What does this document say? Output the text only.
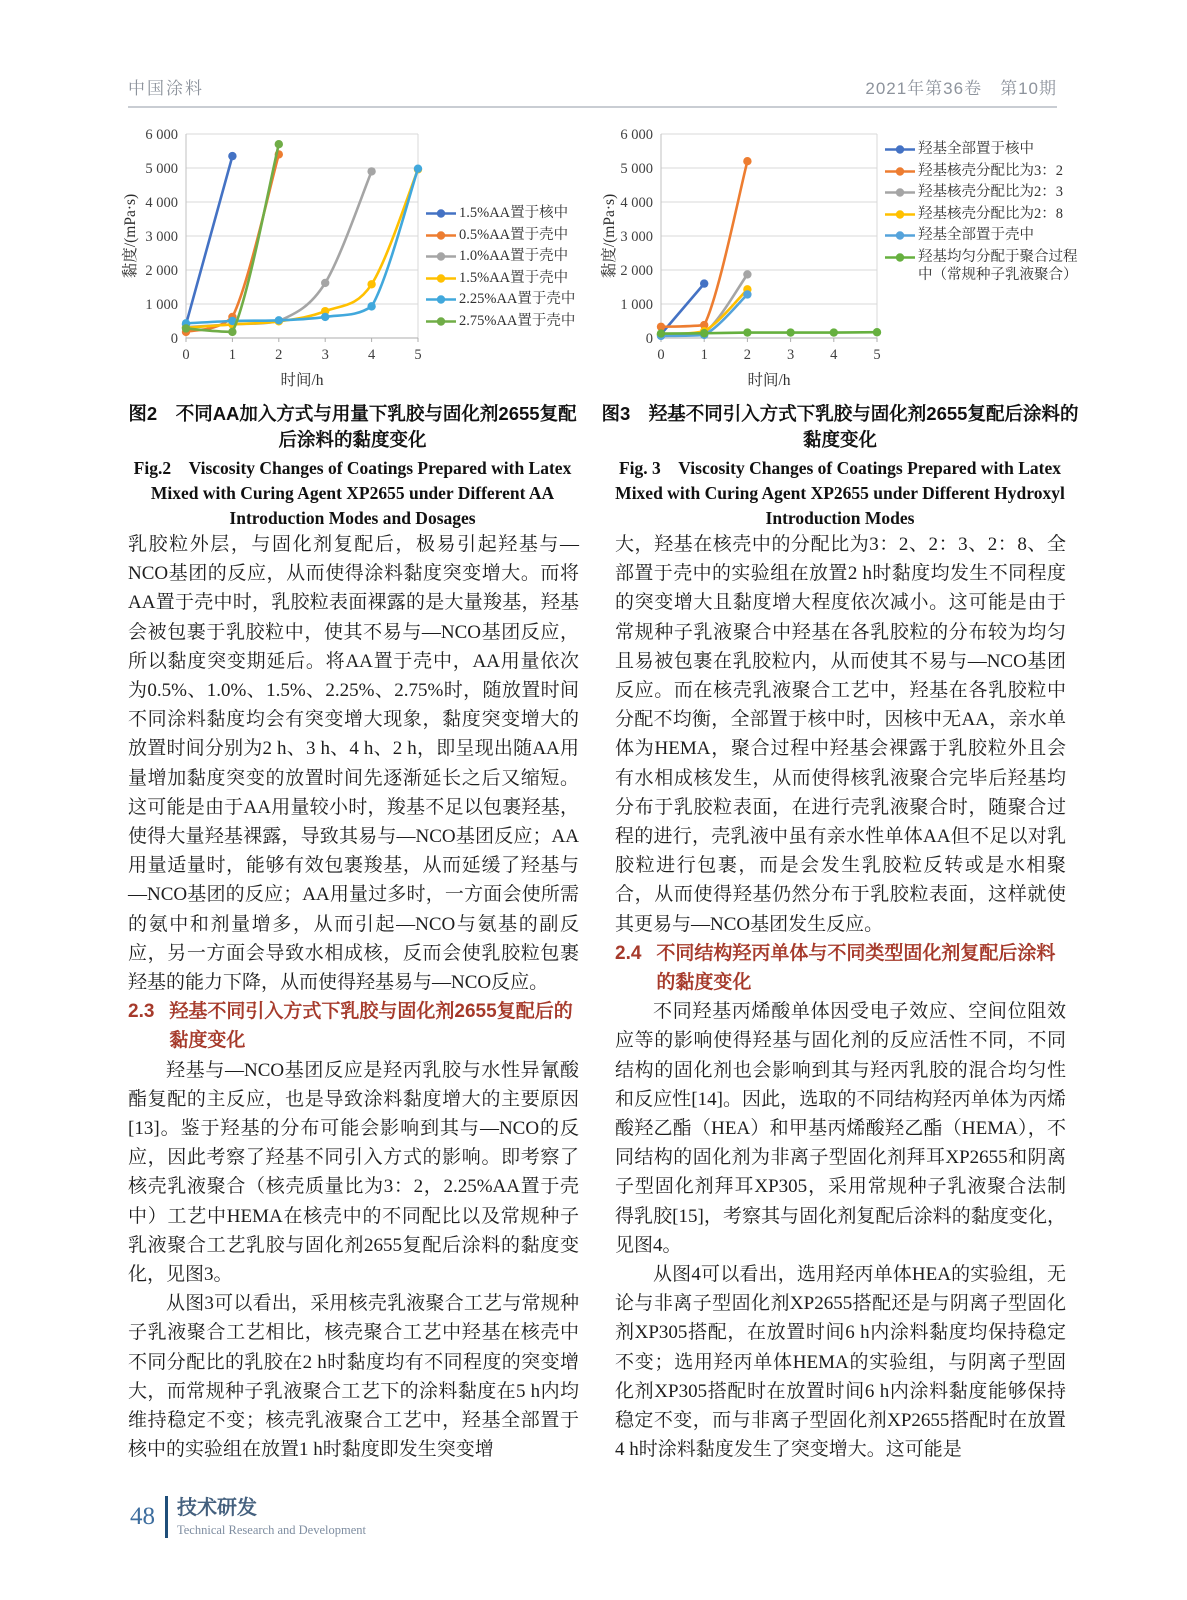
中国涂料	2021年第36卷　第10期
0
1 000
2 000
3 000
4 000
5 000
6 000
0	1	2	3	4	5
时间/h
黏度/(mPa·s)	1.5%AA置于核中
0.5%AA置于壳中
1.0%AA置于壳中
1.5%AA置于壳中
2.25%AA置于壳中
2.75%AA置于壳中
图2　不同AA加入方式与用量下乳胶与固化剂2655复配后涂料的黏度变化
Fig.2　Viscosity Changes of Coatings Prepared with Latex Mixed with Curing Agent XP2655 under Different AA Introduction Modes and Dosages
0
1 000
2 000
3 000
4 000
5 000
6 000
0 1 2 3 4 5
时间/h
黏度/(mPa·s)
羟基全部置于核中
羟基核壳分配比为3：2
羟基核壳分配比为2：3
羟基核壳分配比为2：8
羟基全部置于壳中
羟基均匀分配于聚合过程中（常规种子乳液聚合）
图3　羟基不同引入方式下乳胶与固化剂2655复配后涂料的黏度变化
Fig. 3　Viscosity Changes of Coatings Prepared with Latex Mixed with Curing Agent XP2655 under Different Hydroxyl Introduction Modes

乳胶粒外层，与固化剂复配后，极易引起羟基与—NCO基团的反应，从而使得涂料黏度突变增大。而将AA置于壳中时，乳胶粒表面裸露的是大量羧基，羟基会被包裹于乳胶粒中，使其不易与—NCO基团反应，所以黏度突变期延后。将AA置于壳中，AA用量依次为0.5%、1.0%、1.5%、2.25%、2.75%时，随放置时间不同涂料黏度均会有突变增大现象，黏度突变增大的放置时间分别为2 h、3 h、4 h、2 h，即呈现出随AA用量增加黏度突变的放置时间先逐渐延长之后又缩短。这可能是由于AA用量较小时，羧基不足以包裹羟基，使得大量羟基裸露，导致其易与—NCO基团反应；AA用量适量时，能够有效包裹羧基，从而延缓了羟基与—NCO基团的反应；AA用量过多时，一方面会使所需的氨中和剂量增多，从而引起—NCO与氨基的副反应，另一方面会导致水相成核，反而会使乳胶粒包裹羟基的能力下降，从而使得羟基易与—NCO反应。

2.3 羟基不同引入方式下乳胶与固化剂2655复配后的黏度变化

羟基与—NCO基团反应是羟丙乳胶与水性异氰酸酯复配的主反应，也是导致涂料黏度增大的主要原因[13]。鉴于羟基的分布可能会影响到其与—NCO的反应，因此考察了羟基不同引入方式的影响。即考察了核壳乳液聚合（核壳质量比为3：2，2.25%AA置于壳中）工艺中HEMA在核壳中的不同配比以及常规种子乳液聚合工艺乳胶与固化剂2655复配后涂料的黏度变化，见图3。

从图3可以看出，采用核壳乳液聚合工艺与常规种子乳液聚合工艺相比，核壳聚合工艺中羟基在核壳中不同分配比的乳胶在2 h时黏度均有不同程度的突变增大，而常规种子乳液聚合工艺下的涂料黏度在5 h内均维持稳定不变；核壳乳液聚合工艺中，羟基全部置于核中的实验组在放置1 h时黏度即发生突变增

大，羟基在核壳中的分配比为3：2、2：3、2：8、全部置于壳中的实验组在放置2 h时黏度均发生不同程度的突变增大且黏度增大程度依次减小。这可能是由于常规种子乳液聚合中羟基在各乳胶粒的分布较为均匀且易被包裹在乳胶粒内，从而使其不易与—NCO基团反应。而在核壳乳液聚合工艺中，羟基在各乳胶粒中分配不均衡，全部置于核中时，因核中无AA，亲水单体为HEMA，聚合过程中羟基会裸露于乳胶粒外且会有水相成核发生，从而使得核乳液聚合完毕后羟基均分布于乳胶粒表面，在进行壳乳液聚合时，随聚合过程的进行，壳乳液中虽有亲水性单体AA但不足以对乳胶粒进行包裹，而是会发生乳胶粒反转或是水相聚合，从而使得羟基仍然分布于乳胶粒表面，这样就使其更易与—NCO基团发生反应。

2.4 不同结构羟丙单体与不同类型固化剂复配后涂料的黏度变化

不同羟基丙烯酸单体因受电子效应、空间位阻效应等的影响使得羟基与固化剂的反应活性不同，不同结构的固化剂也会影响到其与羟丙乳胶的混合均匀性和反应性[14]。因此，选取的不同结构羟丙单体为丙烯酸羟乙酯（HEA）和甲基丙烯酸羟乙酯（HEMA），不同结构的固化剂为非离子型固化剂拜耳XP2655和阴离子型固化剂拜耳XP305，采用常规种子乳液聚合法制得乳胶[15]，考察其与固化剂复配后涂料的黏度变化，见图4。

从图4可以看出，选用羟丙单体HEA的实验组，无论与非离子型固化剂XP2655搭配还是与阴离子型固化剂XP305搭配，在放置时间6 h内涂料黏度均保持稳定不变；选用羟丙单体HEMA的实验组，与阴离子型固化剂XP305搭配时在放置时间6 h内涂料黏度能够保持稳定不变，而与非离子型固化剂XP2655搭配时在放置4 h时涂料黏度发生了突变增大。这可能是

48 技术研发
Technical Research and Development
